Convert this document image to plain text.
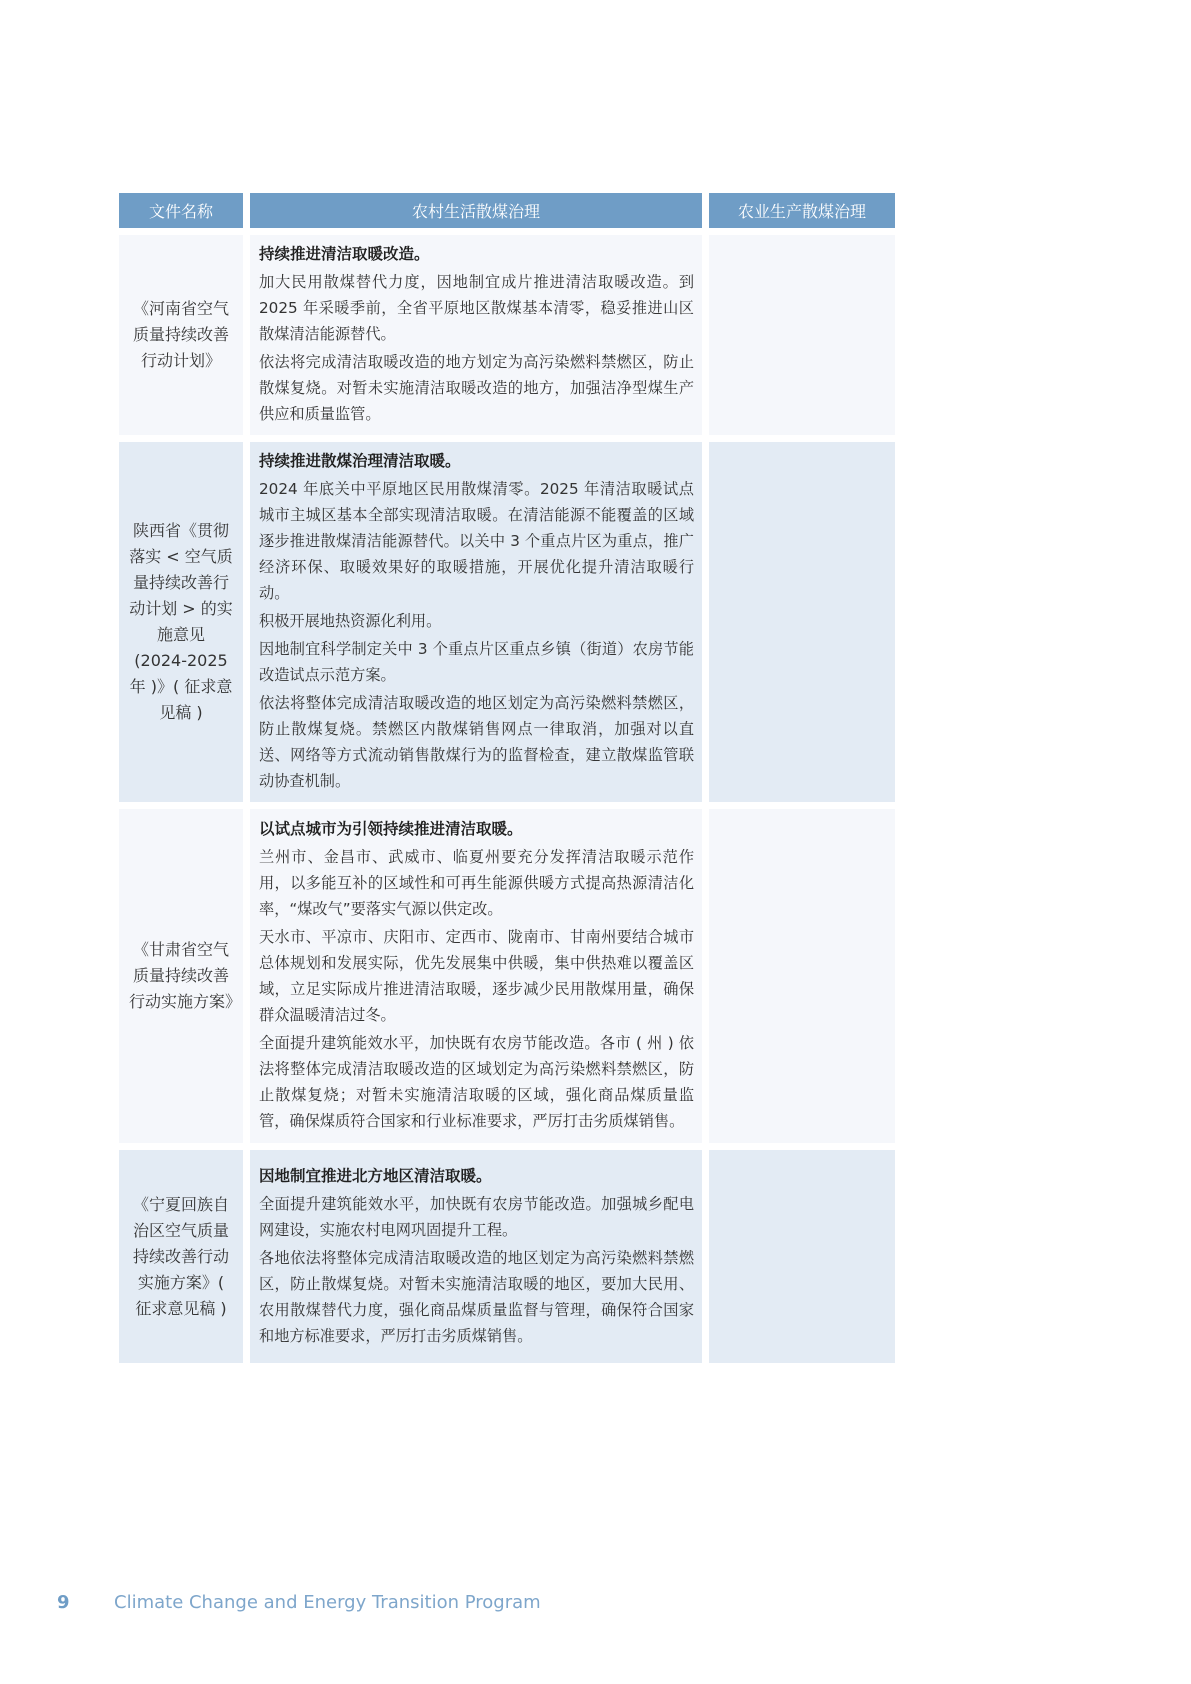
文件名称	农村生活散煤治理	农业生产散煤治理
《河南省空气质量持续改善行动计划》	持续推进清洁取暖改造。
加大民用散煤替代力度，因地制宜成片推进清洁取暖改造。到 2025 年采暖季前，全省平原地区散煤基本清零，稳妥推进山区散煤清洁能源替代。
依法将完成清洁取暖改造的地方划定为高污染燃料禁燃区，防止散煤复烧。对暂未实施清洁取暖改造的地方，加强洁净型煤生产供应和质量监管。	

陕西省《贯彻落实 < 空气质量持续改善行动计划 > 的实施意见 (2024-2025 年 )》( 征求意见稿 )	持续推进散煤治理清洁取暖。
2024 年底关中平原地区民用散煤清零。2025 年清洁取暖试点城市主城区基本全部实现清洁取暖。在清洁能源不能覆盖的区域逐步推进散煤清洁能源替代。以关中 3 个重点片区为重点，推广经济环保、取暖效果好的取暖措施，开展优化提升清洁取暖行动。
积极开展地热资源化利用。
因地制宜科学制定关中 3 个重点片区重点乡镇（街道）农房节能改造试点示范方案。
依法将整体完成清洁取暖改造的地区划定为高污染燃料禁燃区，防止散煤复烧。禁燃区内散煤销售网点一律取消，加强对以直送、网络等方式流动销售散煤行为的监督检查，建立散煤监管联动协查机制。	

《甘肃省空气质量持续改善行动实施方案》	以试点城市为引领持续推进清洁取暖。
兰州市、金昌市、武威市、临夏州要充分发挥清洁取暖示范作用，以多能互补的区域性和可再生能源供暖方式提高热源清洁化率，“煤改气”要落实气源以供定改。
天水市、平凉市、庆阳市、定西市、陇南市、甘南州要结合城市总体规划和发展实际，优先发展集中供暖，集中供热难以覆盖区域，立足实际成片推进清洁取暖，逐步减少民用散煤用量，确保群众温暖清洁过冬。
全面提升建筑能效水平，加快既有农房节能改造。各市 ( 州 ) 依法将整体完成清洁取暖改造的区域划定为高污染燃料禁燃区，防止散煤复烧；对暂未实施清洁取暖的区域，强化商品煤质量监管，确保煤质符合国家和行业标准要求，严厉打击劣质煤销售。	

《宁夏回族自治区空气质量持续改善行动实施方案》( 征求意见稿 )	因地制宜推进北方地区清洁取暖。
全面提升建筑能效水平，加快既有农房节能改造。加强城乡配电网建设，实施农村电网巩固提升工程。
各地依法将整体完成清洁取暖改造的地区划定为高污染燃料禁燃区，防止散煤复烧。对暂未实施清洁取暖的地区，要加大民用、农用散煤替代力度，强化商品煤质量监督与管理，确保符合国家和地方标准要求，严厉打击劣质煤销售。	

9 Climate Change and Energy Transition Program
